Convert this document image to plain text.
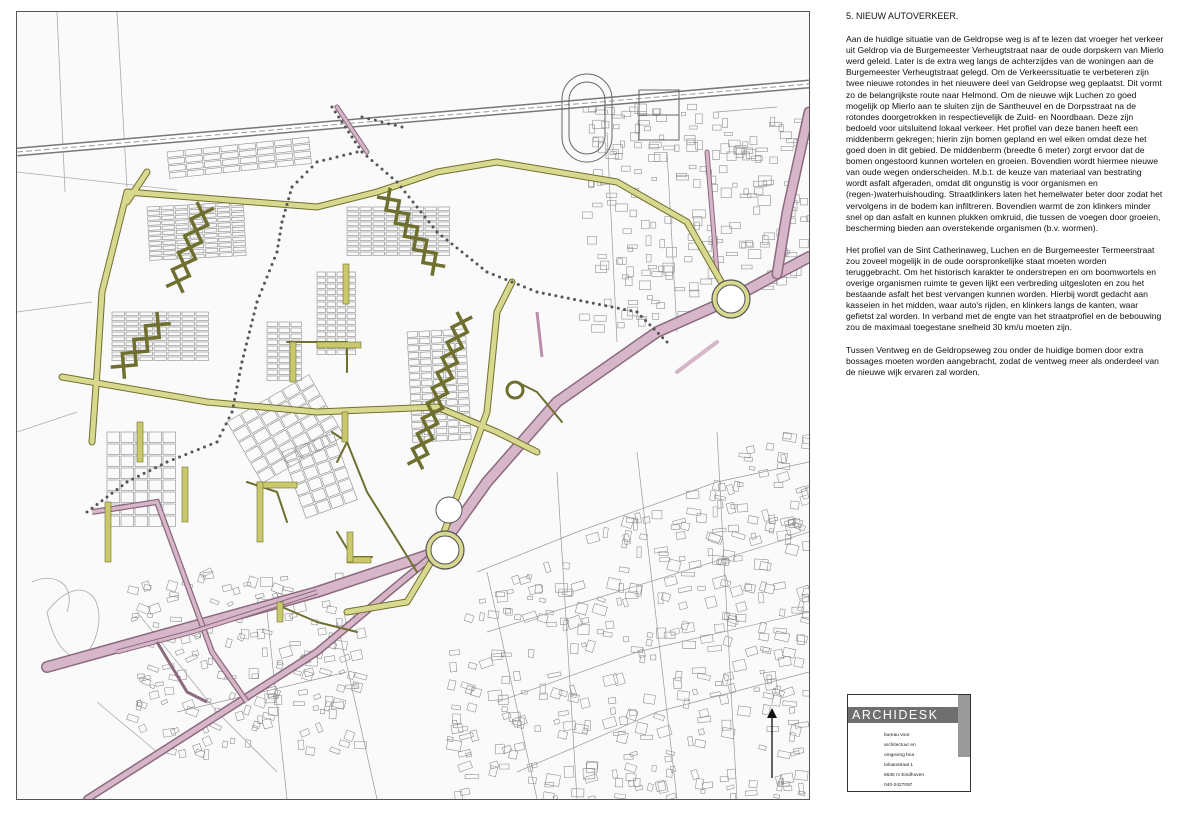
5. NIEUW AUTOVERKEER.

Aan de huidige situatie van de Geldropse weg is af te lezen dat vroeger het verkeer uit Geldrop via de Burgemeester Verheugtstraat naar de oude dorpskern van Mierlo werd geleid. Later is de extra weg langs de achterzijdes van de woningen aan de Burgemeester Verheugtstraat gelegd. Om de Verkeerssituatie te verbeteren zijn twee nieuwe rotondes in het nieuwere deel van Geldropse weg geplaatst. Dit vormt zo de belangrijkste route naar Helmond. Om de nieuwe wijk Luchen zo goed mogelijk op Mierlo aan te sluiten zijn de Santheuvel en de Dorpsstraat na de rotondes doorgetrokken in respectievelijk de Zuid- en Noordbaan. Deze zijn bedoeld voor uitsluitend lokaal verkeer. Het profiel van deze banen heeft een middenberm gekregen; hierin zijn bomen gepland en wel eiken omdat deze het goed doen in dit gebied. De middenberm (breedte 6 meter) zorgt ervoor dat de bomen ongestoord kunnen wortelen en groeien. Bovendien wordt hiermee nieuwe van oude wegen onderscheiden. M.b.t. de keuze van materiaal van bestrating wordt asfalt afgeraden, omdat dit ongunstig is voor organismen en (regen-)waterhuishouding. Straatklinkers laten het hemelwater beter door zodat het vervolgens in de bodem kan infiltreren. Bovendien warmt de zon klinkers minder snel op dan asfalt en kunnen plukken omkruid, die tussen de voegen door groeien, bescherming bieden aan overstekende organismen (b.v. wormen).

Het profiel van de Sint Catherinaweg, Luchen en de Burgemeester Termeerstraat zou zoveel mogelijk in de oude oorspronkelijke staat moeten worden teruggebracht. Om het historisch karakter te onderstrepen en om boomwortels en overige organismen ruimte te geven lijkt een verbreding uitgesloten en zou het bestaande asfalt het best vervangen kunnen worden. Hierbij wordt gedacht aan kasseien in het midden, waar auto's rijden, en klinkers langs de kanten, waar gefietst zal worden. In verband met de engte van het straatprofiel en de bebouwing zou de maximaal toegestane snelheid 30 km/u moeten zijn.

Tussen Ventweg en de Geldropseweg zou onder de huidige bomen door extra bossages moeten worden aangebracht, zodat de ventweg meer als onderdeel van de nieuwe wijk ervaren zal worden.

ARCHIDESK
bureau voor
architectuur en
omgeving bna
toloanstraat 1
5635 rv Eindhoven
040-2427097
